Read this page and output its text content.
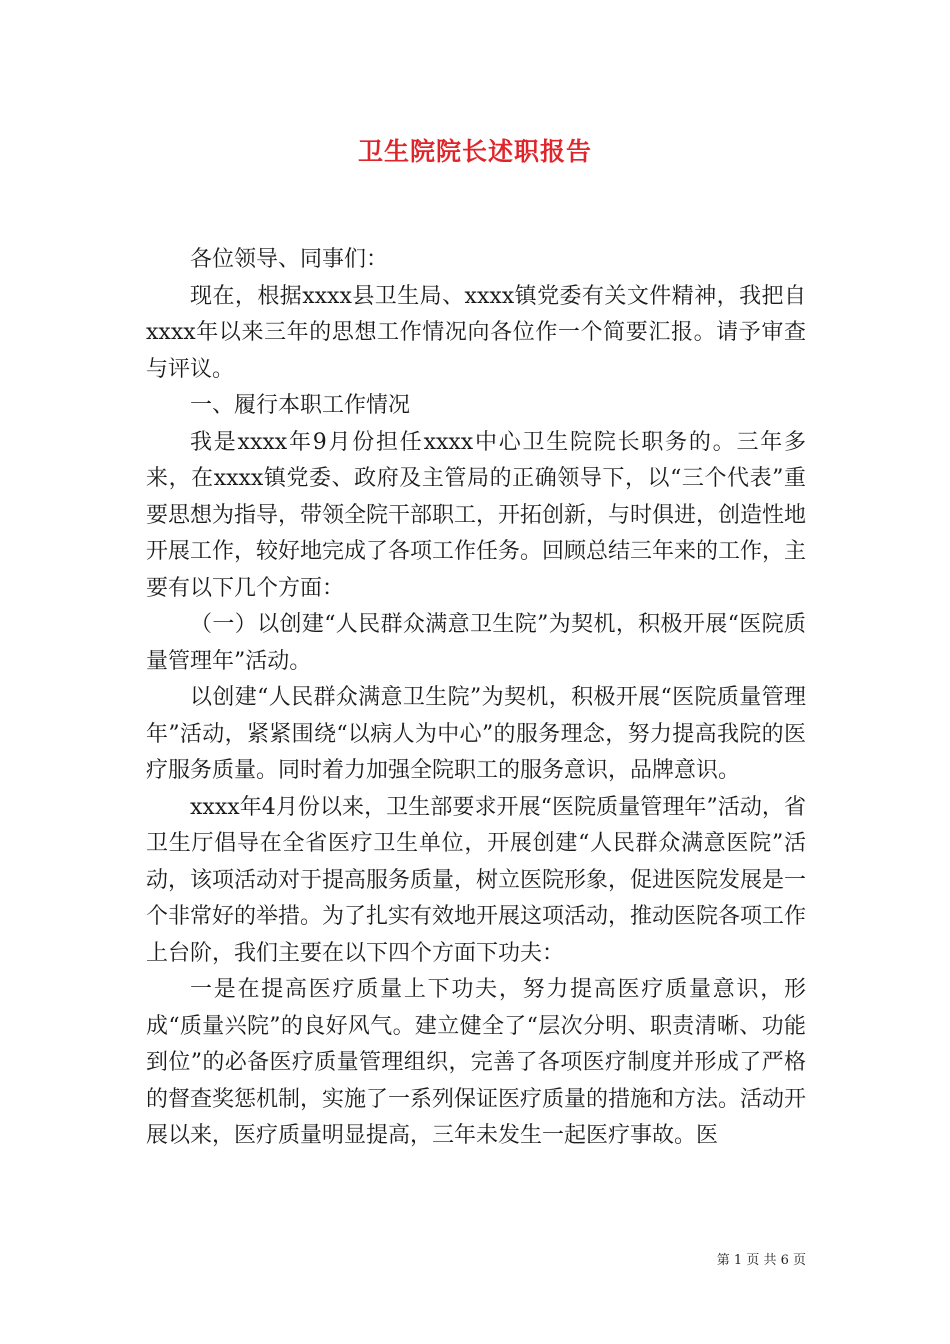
卫生院院长述职报告

各位领导、同事们：

现在，根据xxxx县卫生局、xxxx镇党委有关文件精神，我把自xxxx年以来三年的思想工作情况向各位作一个简要汇报。请予审查与评议。

一、履行本职工作情况

我是xxxx年9月份担任xxxx中心卫生院院长职务的。三年多来，在xxxx镇党委、政府及主管局的正确领导下，以“三个代表”重要思想为指导，带领全院干部职工，开拓创新，与时俱进，创造性地开展工作，较好地完成了各项工作任务。回顾总结三年来的工作，主要有以下几个方面：

（一）以创建“人民群众满意卫生院”为契机，积极开展“医院质量管理年”活动。

以创建“人民群众满意卫生院”为契机，积极开展“医院质量管理年”活动，紧紧围绕“以病人为中心”的服务理念，努力提高我院的医疗服务质量。同时着力加强全院职工的服务意识，品牌意识。

xxxx年4月份以来，卫生部要求开展“医院质量管理年”活动，省卫生厅倡导在全省医疗卫生单位，开展创建“人民群众满意医院”活动，该项活动对于提高服务质量，树立医院形象，促进医院发展是一个非常好的举措。为了扎实有效地开展这项活动，推动医院各项工作上台阶，我们主要在以下四个方面下功夫：

一是在提高医疗质量上下功夫，努力提高医疗质量意识，形成“质量兴院”的良好风气。建立健全了“层次分明、职责清晰、功能到位”的必备医疗质量管理组织，完善了各项医疗制度并形成了严格的督查奖惩机制，实施了一系列保证医疗质量的措施和方法。活动开展以来，医疗质量明显提高，三年未发生一起医疗事故。医

第 1 页 共 6 页
